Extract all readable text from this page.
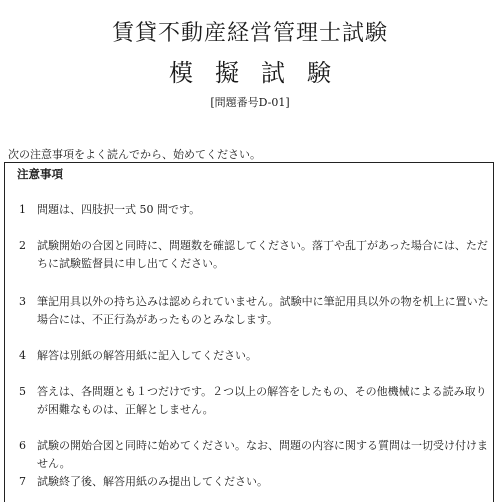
賃貸不動産経営管理士試験
模擬試験
[問題番号D-01]
次の注意事項をよく読んでから、始めてください。
注意事項
1	問題は、四肢択一式 50 問です。
2	試験開始の合図と同時に、問題数を確認してください。落丁や乱丁があった場合には、ただちに試験監督員に申し出てください。
3	筆記用具以外の持ち込みは認められていません。試験中に筆記用具以外の物を机上に置いた場合には、不正行為があったものとみなします。
4	解答は別紙の解答用紙に記入してください。
5	答えは、各問題とも１つだけです。２つ以上の解答をしたもの、その他機械による読み取りが困難なものは、正解としません。
6	試験の開始合図と同時に始めてください。なお、問題の内容に関する質問は一切受け付けません。
7	試験終了後、解答用紙のみ提出してください。
